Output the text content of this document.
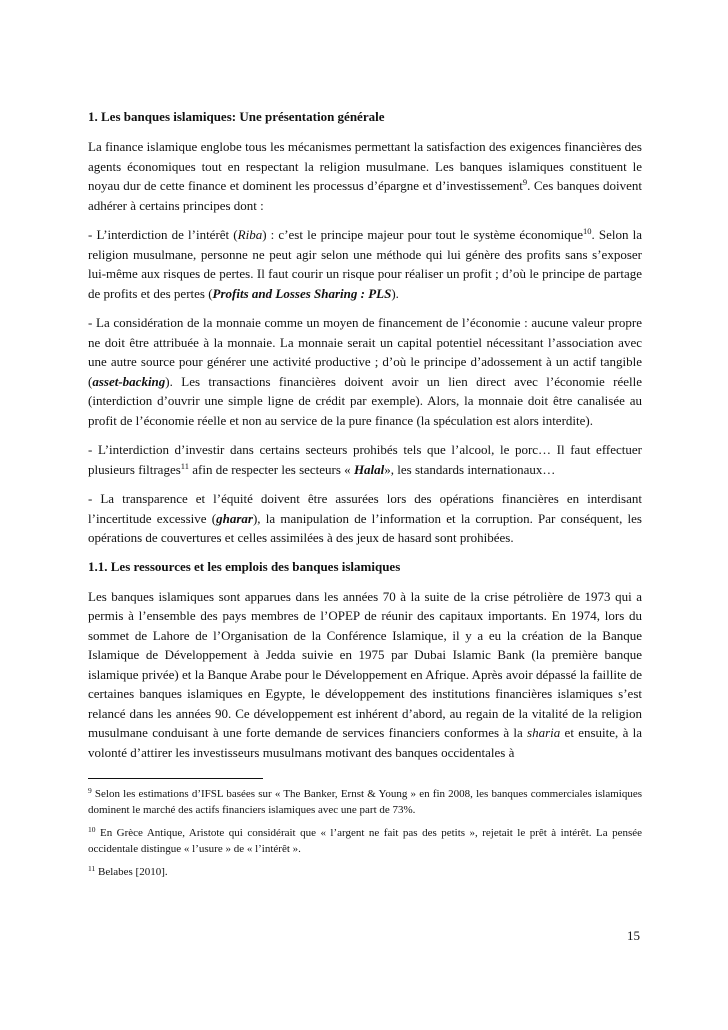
1. Les banques islamiques: Une présentation générale

La finance islamique englobe tous les mécanismes permettant la satisfaction des exigences financières des agents économiques tout en respectant la religion musulmane. Les banques islamiques constituent le noyau dur de cette finance et dominent les processus d’épargne et d’investissement$^9$. Ces banques doivent adhérer à certains principes dont :

- L’interdiction de l’intérêt (Riba) : c’est le principe majeur pour tout le système économique$^{10}$. Selon la religion musulmane, personne ne peut agir selon une méthode qui lui génère des profits sans s’exposer lui-même aux risques de pertes. Il faut courir un risque pour réaliser un profit ; d’où le principe de partage de profits et des pertes (Profits and Losses Sharing : PLS).

- La considération de la monnaie comme un moyen de financement de l’économie : aucune valeur propre ne doit être attribuée à la monnaie. La monnaie serait un capital potentiel nécessitant l’association avec une autre source pour générer une activité productive ; d’où le principe d’adossement à un actif tangible (asset-backing). Les transactions financières doivent avoir un lien direct avec l’économie réelle (interdiction d’ouvrir une simple ligne de crédit par exemple). Alors, la monnaie doit être canalisée au profit de l’économie réelle et non au service de la pure finance (la spéculation est alors interdite).

- L’interdiction d’investir dans certains secteurs prohibés tels que l’alcool, le porc… Il faut effectuer plusieurs filtrages$^{11}$ afin de respecter les secteurs « Halal», les standards internationaux…

- La transparence et l’équité doivent être assurées lors des opérations financières en interdisant l’incertitude excessive (gharar), la manipulation de l’information et la corruption. Par conséquent, les opérations de couvertures et celles assimilées à des jeux de hasard sont prohibées.

1.1. Les ressources et les emplois des banques islamiques

Les banques islamiques sont apparues dans les années 70 à la suite de la crise pétrolière de 1973 qui a permis à l’ensemble des pays membres de l’OPEP de réunir des capitaux importants. En 1974, lors du sommet de Lahore de l’Organisation de la Conférence Islamique, il y a eu la création de la Banque Islamique de Développement à Jedda suivie en 1975 par Dubai Islamic Bank (la première banque islamique privée) et la Banque Arabe pour le Développement en Afrique. Après avoir dépassé la faillite de certaines banques islamiques en Egypte, le développement des institutions financières islamiques s’est relancé dans les années 90. Ce développement est inhérent d’abord, au regain de la vitalité de la religion musulmane conduisant à une forte demande de services financiers conformes à la sharia et ensuite, à la volonté d’attirer les investisseurs musulmans motivant des banques occidentales à

$^9$ Selon les estimations d’IFSL basées sur « The Banker, Ernst & Young » en fin 2008, les banques commerciales islamiques dominent le marché des actifs financiers islamiques avec une part de 73%.
$^{10}$ En Grèce Antique, Aristote qui considérait que « l’argent ne fait pas des petits », rejetait le prêt à intérêt. La pensée occidentale distingue « l’usure » de « l’intérêt ».
$^{11}$ Belabes [2010].
15
